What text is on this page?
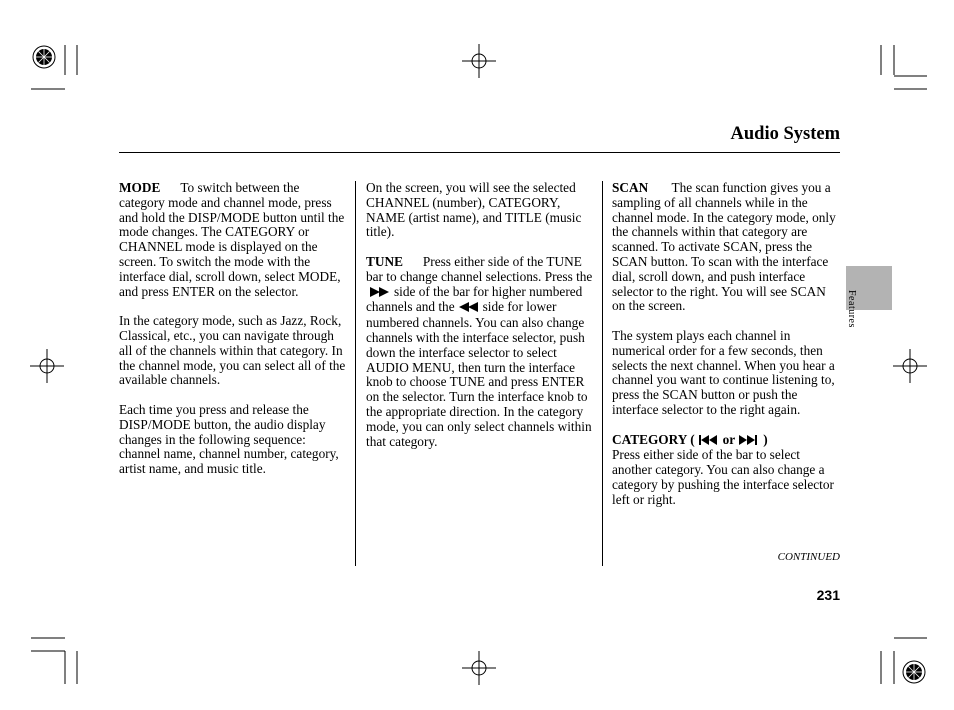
Audio System
Features

MODE To switch between the category mode and channel mode, press and hold the DISP/MODE button until the mode changes. The CATEGORY or CHANNEL mode is displayed on the screen. To switch the mode with the interface dial, scroll down, select MODE, and press ENTER on the selector.

In the category mode, such as Jazz, Rock, Classical, etc., you can navigate through all of the channels within that category. In the channel mode, you can select all of the available channels.

Each time you press and release the DISP/MODE button, the audio display changes in the following sequence: channel name, channel number, category, artist name, and music title.

On the screen, you will see the selected CHANNEL (number), CATEGORY, NAME (artist name), and TITLE (music title).

TUNE Press either side of the TUNE bar to change channel selections. Press theside of the bar for higher numbered channels and the side for lower numbered channels. You can also change channels with the interface selector, push down the interface selector to select AUDIO MENU, then turn the interface knob to choose TUNE and press ENTER on the selector. Turn the interface knob to the appropriate direction. In the category mode, you can only select channels within that category.

SCAN The scan function gives you a sampling of all channels while in the channel mode. In the category mode, only the channels within that category are scanned. To activate SCAN, press the SCAN button. To scan with the interface dial, scroll down, and push interface selector to the right. You will see SCAN on the screen.

The system plays each channel in numerical order for a few seconds, then selects the next channel. When you hear a channel you want to continue listening to, press the SCAN button or push the interface selector to the right again.

CATEGORY ( or )
Press either side of the bar to select another category. You can also change a category by pushing the interface selector left or right.

CONTINUED
231
